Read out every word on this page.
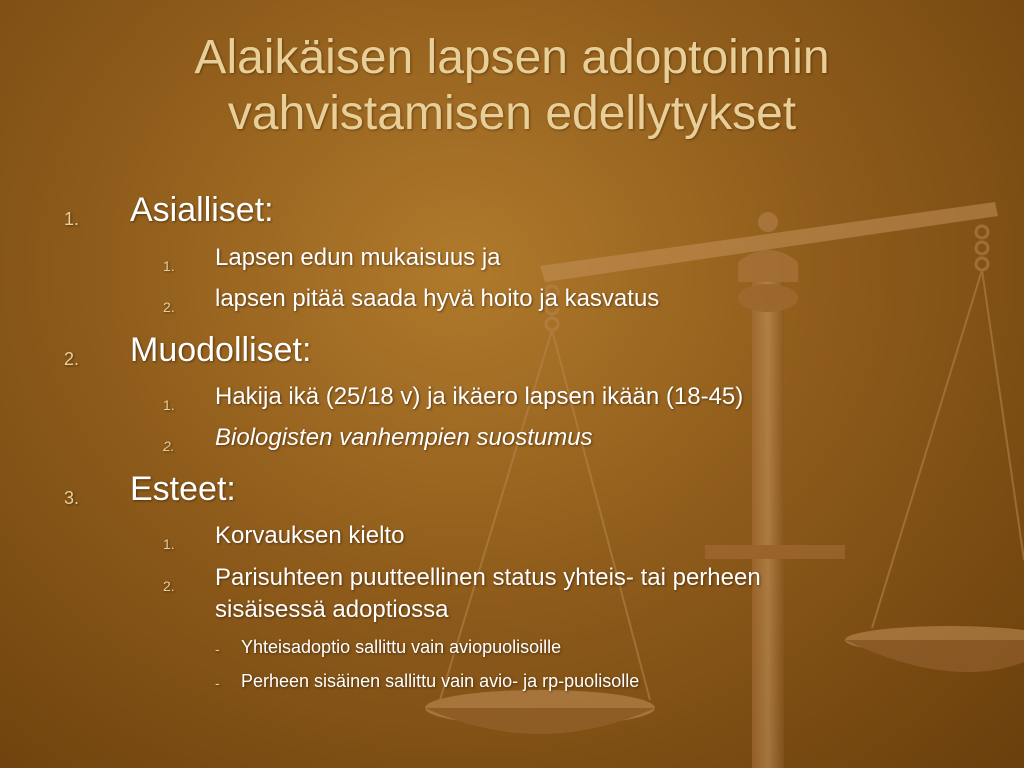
Alaikäisen lapsen adoptoinnin
vahvistamisen edellytykset
1. Asialliset:
1. Lapsen edun mukaisuus ja
2. lapsen pitää saada hyvä hoito ja kasvatus
2. Muodolliset:
1. Hakija ikä (25/18 v) ja ikäero lapsen ikään (18-45)
2. Biologisten vanhempien suostumus
3. Esteet:
1. Korvauksen kielto
2. Parisuhteen puutteellinen status yhteis- tai perheen
sisäisessä adoptiossa
- Yhteisadoptio sallittu vain aviopuolisoille
- Perheen sisäinen sallittu vain avio- ja rp-puolisolle
